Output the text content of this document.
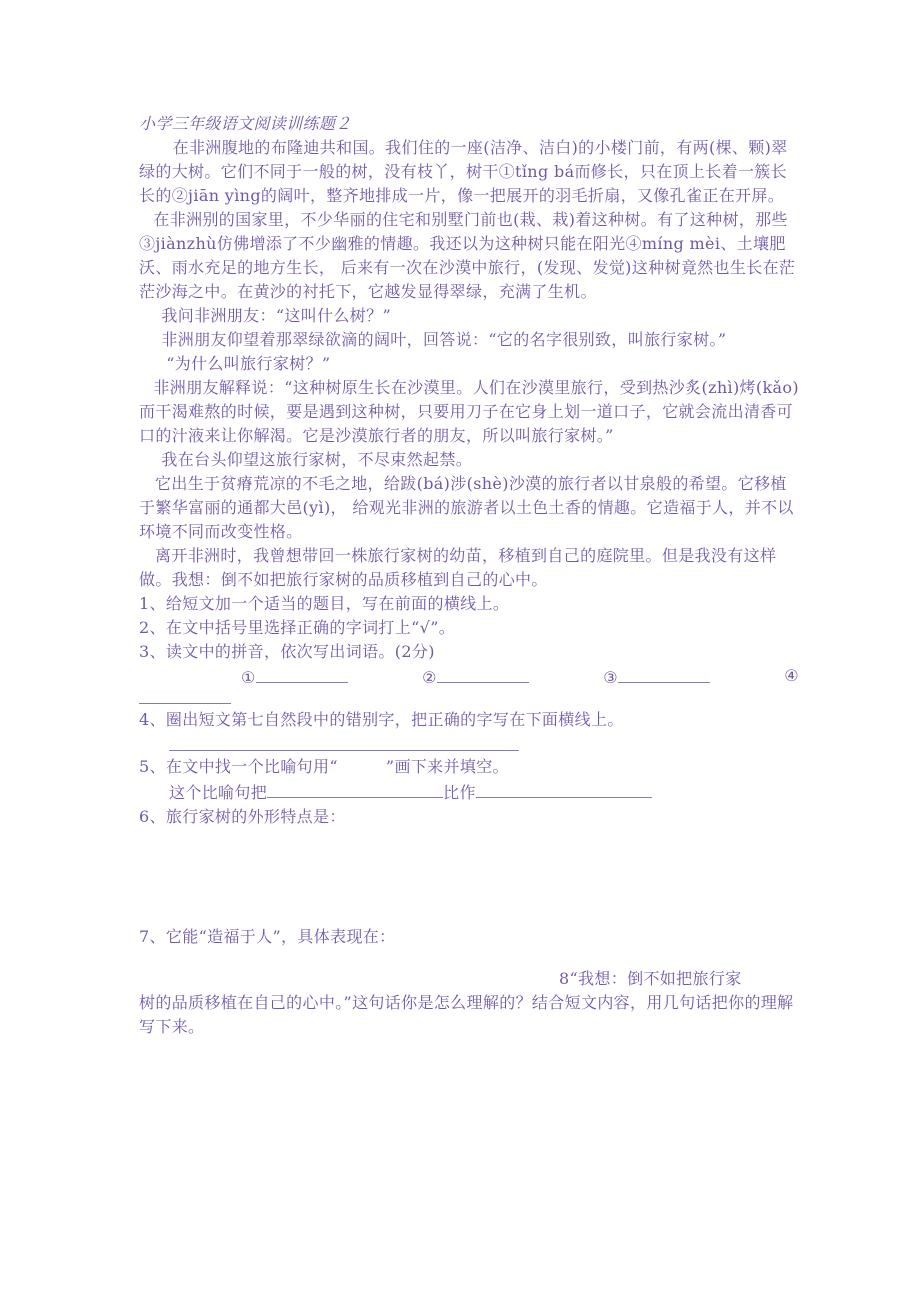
小学三年级语文阅读训练题２

在非洲腹地的布隆迪共和国。我们住的一座(洁净、洁白)的小楼门前，有两(棵、颗)翠绿的大树。它们不同于一般的树，没有枝丫，树干①tǐng bá而修长，只在顶上长着一簇长长的②jiān yìng的阔叶，整齐地排成一片，像一把展开的羽毛折扇，又像孔雀正在开屏。

在非洲别的国家里，不少华丽的住宅和别墅门前也(栽、栽)着这种树。有了这种树，那些③jiànzhù仿佛增添了不少幽雅的情趣。我还以为这种树只能在阳光④míng mèi、土壤肥沃、雨水充足的地方生长， 后来有一次在沙漠中旅行，(发现、发觉)这种树竟然也生长在茫茫沙海之中。在黄沙的衬托下，它越发显得翠绿，充满了生机。

我问非洲朋友：“这叫什么树？”

非洲朋友仰望着那翠绿欲滴的阔叶，回答说：“它的名字很别致，叫旅行家树。”

“为什么叫旅行家树？”

非洲朋友解释说：“这种树原生长在沙漠里。人们在沙漠里旅行，受到热沙炙(zhì)烤(kǎo)而干渴难熬的时候，要是遇到这种树，只要用刀子在它身上划一道口子，它就会流出清香可口的汁液来让你解渴。它是沙漠旅行者的朋友，所以叫旅行家树。”

我在台头仰望这旅行家树，不尽束然起禁。

它出生于贫瘠荒凉的不毛之地，给跋(bá)涉(shè)沙漠的旅行者以甘泉般的希望。它移植于繁华富丽的通都大邑(yì)， 给观光非洲的旅游者以土色土香的情趣。它造福于人，并不以环境不同而改变性格。

离开非洲时，我曾想带回一株旅行家树的幼苗，移植到自己的庭院里。但是我没有这样做。我想：倒不如把旅行家树的品质移植到自己的心中。

1、给短文加一个适当的题目，写在前面的横线上。
2、在文中括号里选择正确的字词打上“√”。
3、读文中的拼音，依次写出词语。(2分)
①	②	③	④
4、圈出短文第七自然段中的错别字，把正确的字写在下面横线上。
5、在文中找一个比喻句用“	”画下来并填空。
这个比喻句把	比作
6、旅行家树的外形特点是：
7、它能“造福于人”，具体表现在：
8“我想：倒不如把旅行家
树的品质移植在自己的心中。”这句话你是怎么理解的？结合短文内容，用几句话把你的理解写下来。
